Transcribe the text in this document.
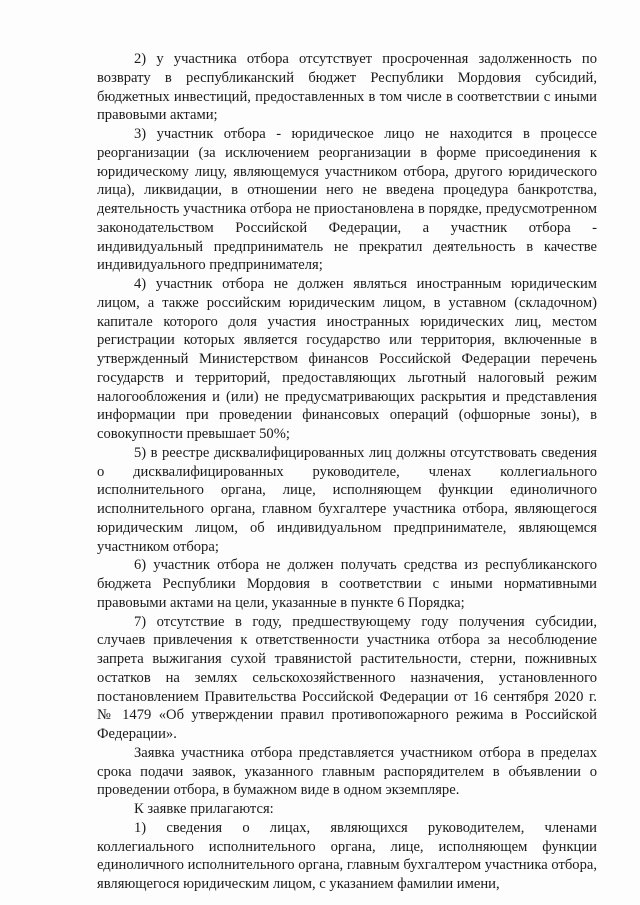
2) у участника отбора отсутствует просроченная задолженность по возврату в республиканский бюджет Республики Мордовия субсидий, бюджетных инвестиций, предоставленных в том числе в соответствии с иными правовыми актами;

3) участник отбора - юридическое лицо не находится в процессе реорганизации (за исключением реорганизации в форме присоединения к юридическому лицу, являющемуся участником отбора, другого юридического лица), ликвидации, в отношении него не введена процедура банкротства, деятельность участника отбора не приостановлена в порядке, предусмотренном законодательством Российской Федерации, а участник отбора - индивидуальный предприниматель не прекратил деятельность в качестве индивидуального предпринимателя;

4) участник отбора не должен являться иностранным юридическим лицом, а также российским юридическим лицом, в уставном (складочном) капитале которого доля участия иностранных юридических лиц, местом регистрации которых является государство или территория, включенные в утвержденный Министерством финансов Российской Федерации перечень государств и территорий, предоставляющих льготный налоговый режим налогообложения и (или) не предусматривающих раскрытия и представления информации при проведении финансовых операций (офшорные зоны), в совокупности превышает 50%;

5) в реестре дисквалифицированных лиц должны отсутствовать сведения о дисквалифицированных руководителе, членах коллегиального исполнительного органа, лице, исполняющем функции единоличного исполнительного органа, главном бухгалтере участника отбора, являющегося юридическим лицом, об индивидуальном предпринимателе, являющемся участником отбора;

6) участник отбора не должен получать средства из республиканского бюджета Республики Мордовия в соответствии с иными нормативными правовыми актами на цели, указанные в пункте 6 Порядка;

7) отсутствие в году, предшествующему году получения субсидии, случаев привлечения к ответственности участника отбора за несоблюдение запрета выжигания сухой травянистой растительности, стерни, пожнивных остатков на землях сельскохозяйственного назначения, установленного постановлением Правительства Российской Федерации от 16 сентября 2020 г. № 1479 «Об утверждении правил противопожарного режима в Российской Федерации».

Заявка участника отбора представляется участником отбора в пределах срока подачи заявок, указанного главным распорядителем в объявлении о проведении отбора, в бумажном виде в одном экземпляре.

К заявке прилагаются:

1) сведения о лицах, являющихся руководителем, членами коллегиального исполнительного органа, лице, исполняющем функции единоличного исполнительного органа, главным бухгалтером участника отбора, являющегося юридическим лицом, с указанием фамилии имени,
